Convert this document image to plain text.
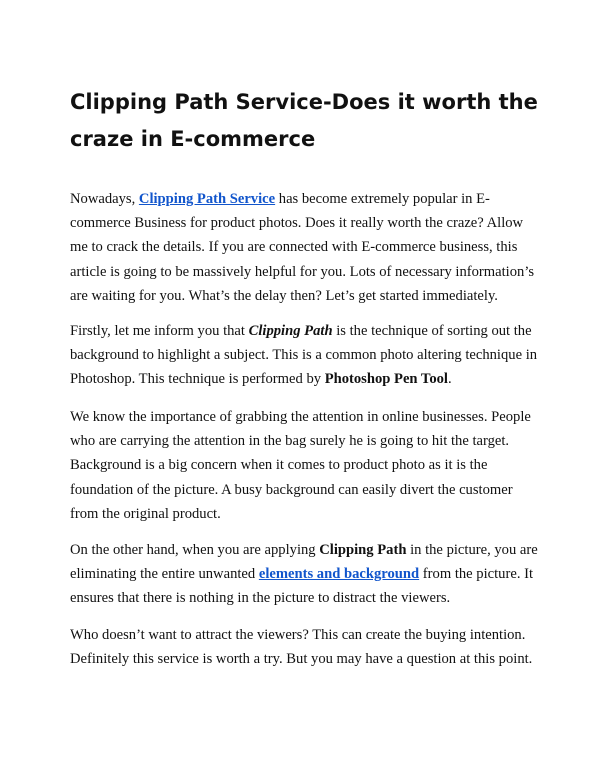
Clipping Path Service-Does it worth the craze in E-commerce

Nowadays, Clipping Path Service has become extremely popular in E-commerce Business for product photos. Does it really worth the craze? Allow me to crack the details. If you are connected with E-commerce business, this article is going to be massively helpful for you. Lots of necessary information’s are waiting for you. What’s the delay then? Let’s get started immediately.

Firstly, let me inform you that Clipping Path is the technique of sorting out the background to highlight a subject. This is a common photo altering technique in Photoshop. This technique is performed by Photoshop Pen Tool.

We know the importance of grabbing the attention in online businesses. People who are carrying the attention in the bag surely he is going to hit the target. Background is a big concern when it comes to product photo as it is the foundation of the picture. A busy background can easily divert the customer from the original product.

On the other hand, when you are applying Clipping Path in the picture, you are eliminating the entire unwanted elements and background from the picture. It ensures that there is nothing in the picture to distract the viewers.

Who doesn’t want to attract the viewers? This can create the buying intention. Definitely this service is worth a try. But you may have a question at this point.
